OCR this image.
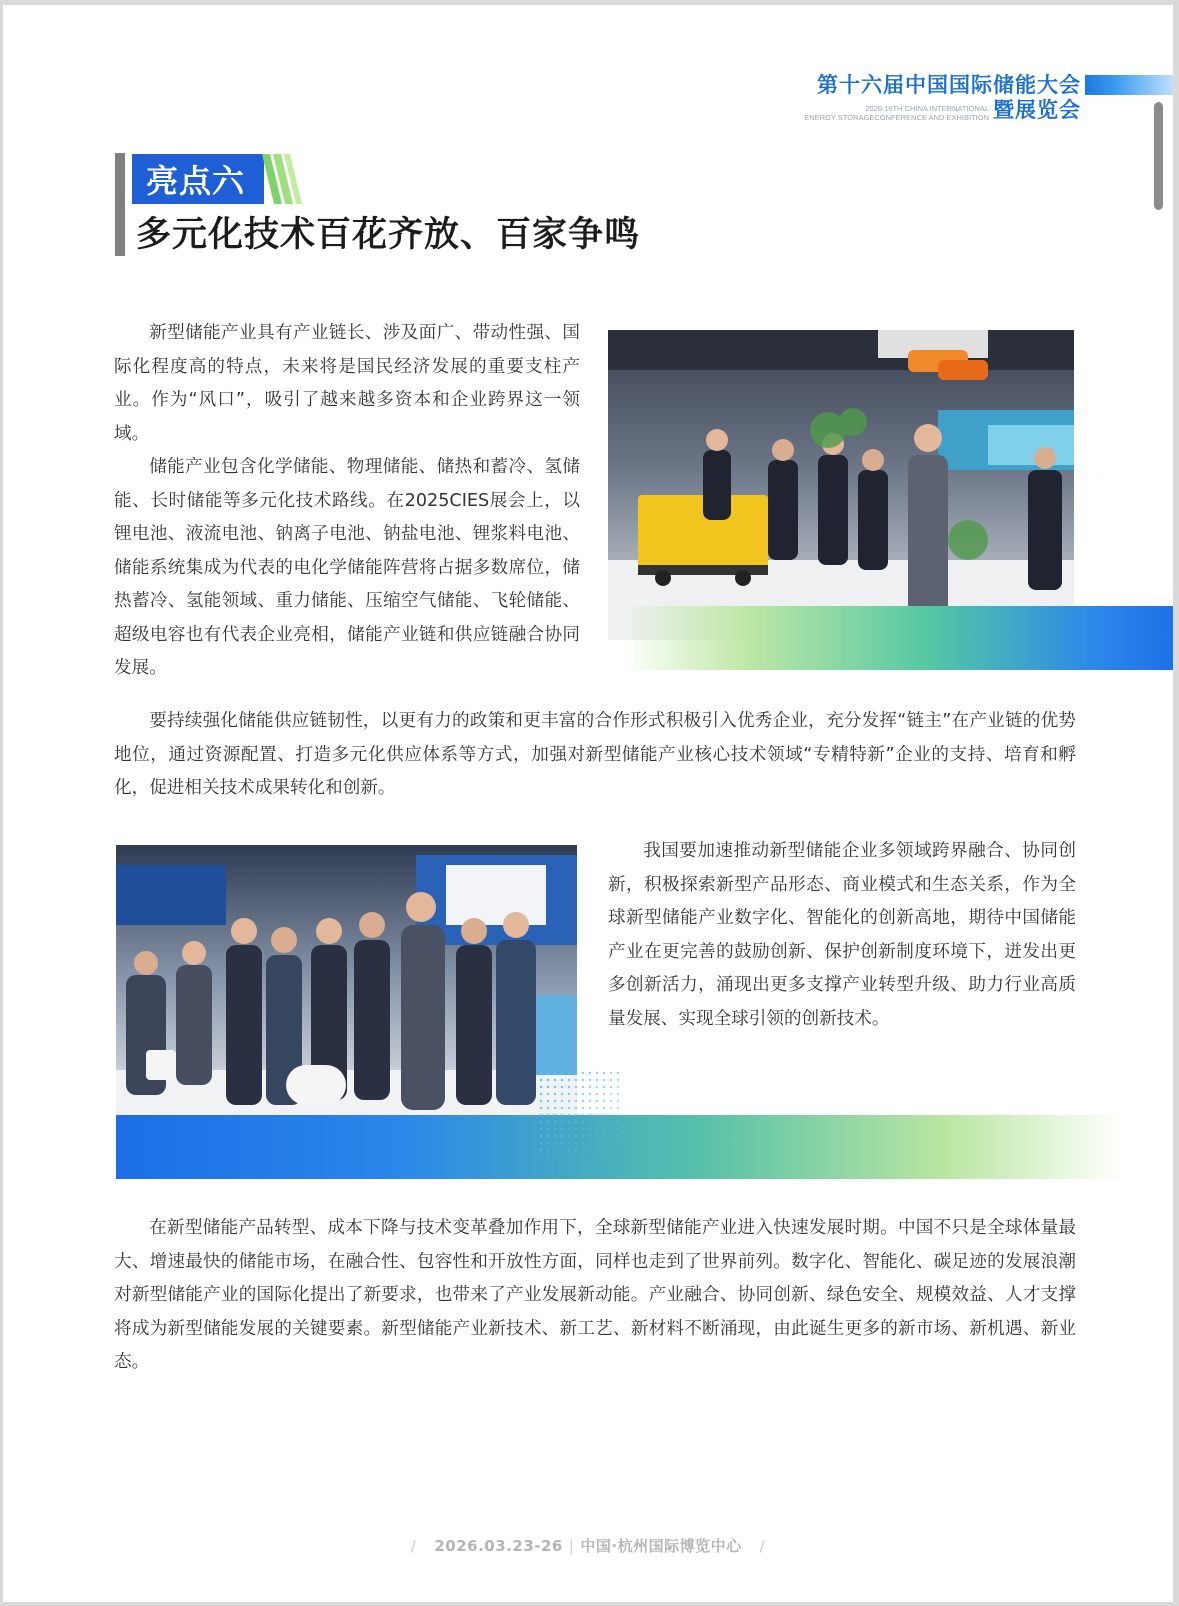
第十六届中国国际储能大会
2026 16TH CHINA INTERNATIONAL
ENERGY STORAGECONFERENCE AND EXHIBITION 暨展览会
亮点六
多元化技术百花齐放、百家争鸣

新型储能产业具有产业链长、涉及面广、带动性强、国际化程度高的特点，未来将是国民经济发展的重要支柱产业。作为“风口”，吸引了越来越多资本和企业跨界这一领域。

储能产业包含化学储能、物理储能、储热和蓄冷、氢储能、长时储能等多元化技术路线。在2025CIES展会上，以锂电池、液流电池、钠离子电池、钠盐电池、锂浆料电池、储能系统集成为代表的电化学储能阵营将占据多数席位，储热蓄冷、氢能领域、重力储能、压缩空气储能、飞轮储能、超级电容也有代表企业亮相，储能产业链和供应链融合协同发展。

要持续强化储能供应链韧性，以更有力的政策和更丰富的合作形式积极引入优秀企业，充分发挥“链主”在产业链的优势地位，通过资源配置、打造多元化供应体系等方式，加强对新型储能产业核心技术领域“专精特新”企业的支持、培育和孵化，促进相关技术成果转化和创新。

我国要加速推动新型储能企业多领域跨界融合、协同创新，积极探索新型产品形态、商业模式和生态关系，作为全球新型储能产业数字化、智能化的创新高地，期待中国储能产业在更完善的鼓励创新、保护创新制度环境下，迸发出更多创新活力，涌现出更多支撑产业转型升级、助力行业高质量发展、实现全球引领的创新技术。

在新型储能产品转型、成本下降与技术变革叠加作用下，全球新型储能产业进入快速发展时期。中国不只是全球体量最大、增速最快的储能市场，在融合性、包容性和开放性方面，同样也走到了世界前列。数字化、智能化、碳足迹的发展浪潮对新型储能产业的国际化提出了新要求，也带来了产业发展新动能。产业融合、协同创新、绿色安全、规模效益、人才支撑将成为新型储能发展的关键要素。新型储能产业新技术、新工艺、新材料不断涌现，由此诞生更多的新市场、新机遇、新业态。

/ 2026.03.23-26 | 中国·杭州国际博览中心 /
